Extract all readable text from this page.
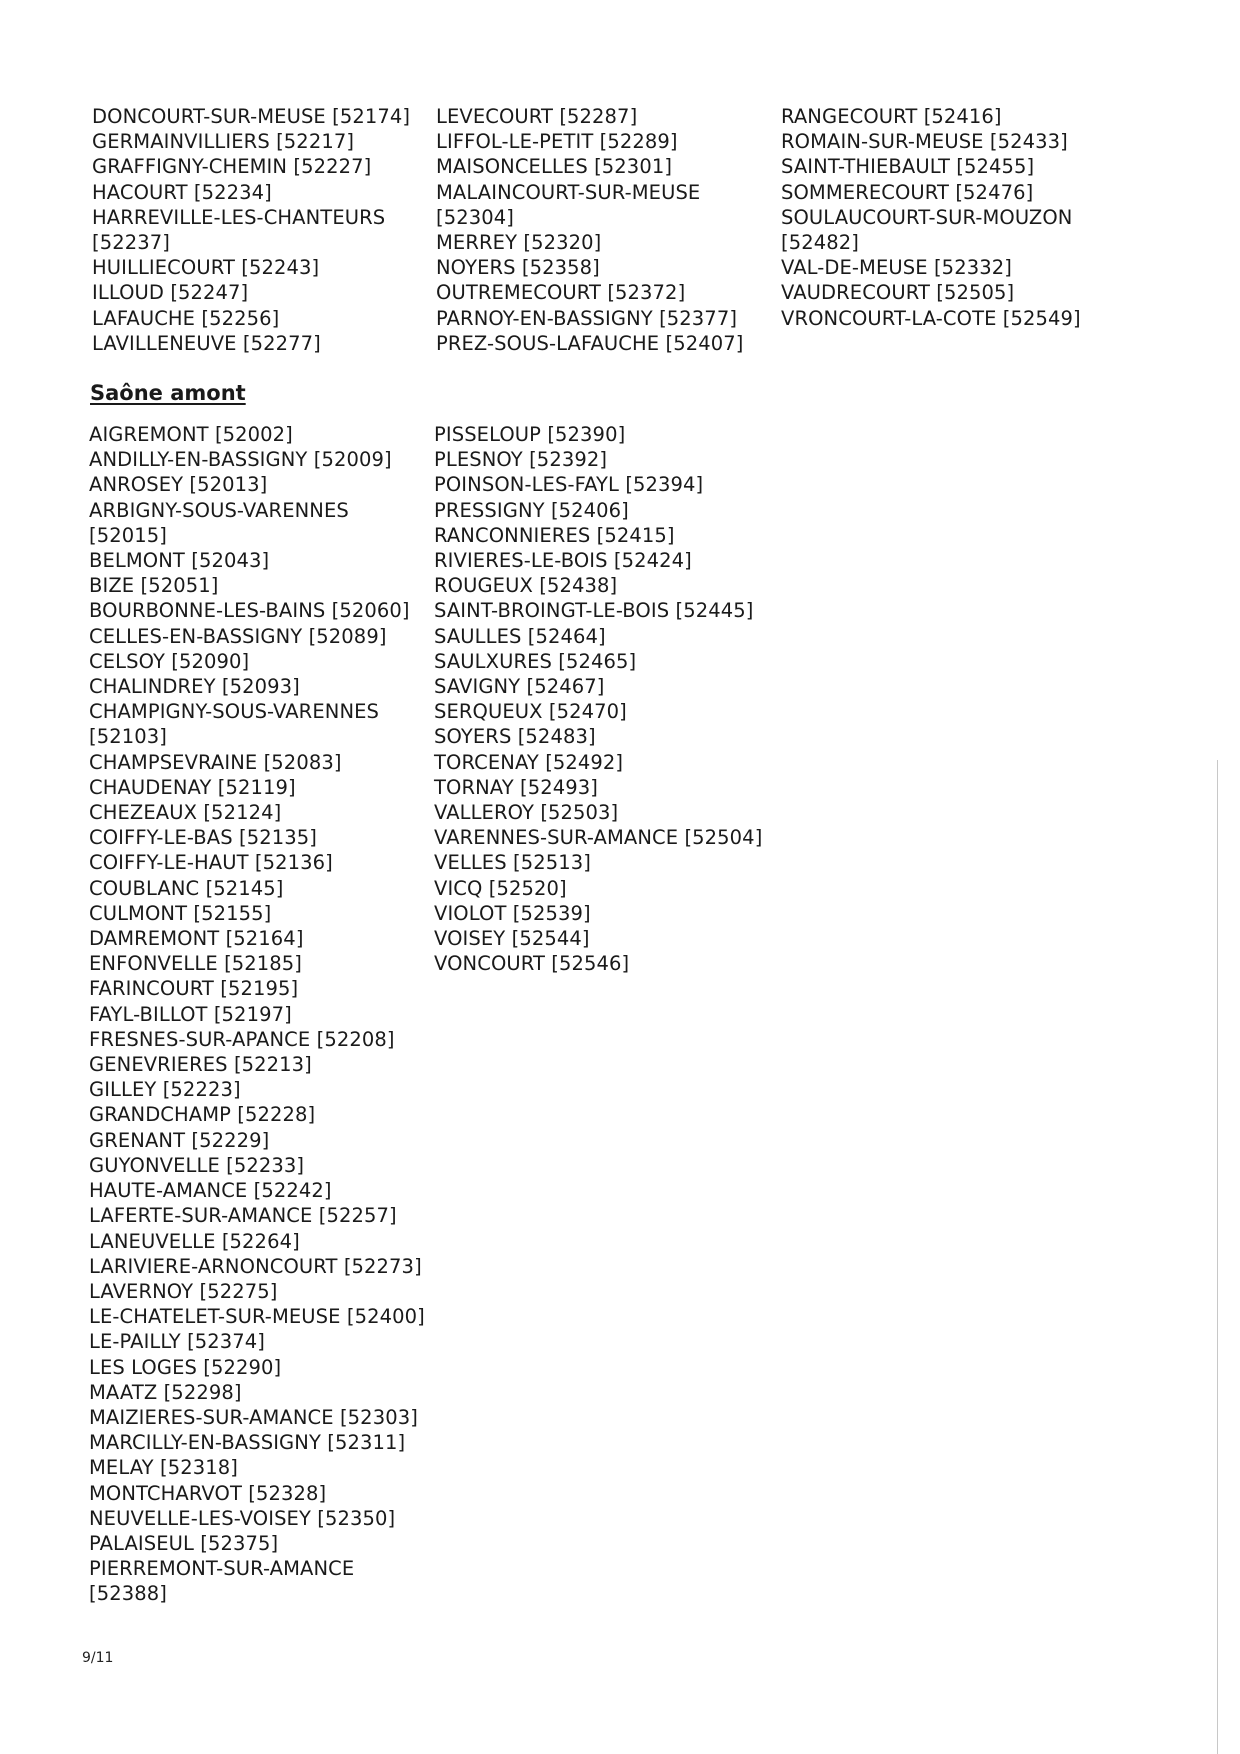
DONCOURT-SUR-MEUSE [52174]
GERMAINVILLIERS [52217]
GRAFFIGNY-CHEMIN [52227]
HACOURT [52234]
HARREVILLE-LES-CHANTEURS [52237]
HUILLIECOURT [52243]
ILLOUD [52247]
LAFAUCHE [52256]
LAVILLENEUVE [52277]
LEVECOURT [52287]
LIFFOL-LE-PETIT [52289]
MAISONCELLES [52301]
MALAINCOURT-SUR-MEUSE [52304]
MERREY [52320]
NOYERS [52358]
OUTREMECOURT [52372]
PARNOY-EN-BASSIGNY [52377]
PREZ-SOUS-LAFAUCHE [52407]
RANGECOURT [52416]
ROMAIN-SUR-MEUSE [52433]
SAINT-THIEBAULT [52455]
SOMMERECOURT [52476]
SOULAUCOURT-SUR-MOUZON [52482]
VAL-DE-MEUSE [52332]
VAUDRECOURT [52505]
VRONCOURT-LA-COTE [52549]
Saône amont
AIGREMONT [52002]
ANDILLY-EN-BASSIGNY [52009]
ANROSEY [52013]
ARBIGNY-SOUS-VARENNES [52015]
BELMONT [52043]
BIZE [52051]
BOURBONNE-LES-BAINS [52060]
CELLES-EN-BASSIGNY [52089]
CELSOY [52090]
CHALINDREY [52093]
CHAMPIGNY-SOUS-VARENNES [52103]
CHAMPSEVRAINE [52083]
CHAUDENAY [52119]
CHEZEAUX [52124]
COIFFY-LE-BAS [52135]
COIFFY-LE-HAUT [52136]
COUBLANC [52145]
CULMONT [52155]
DAMREMONT [52164]
ENFONVELLE [52185]
FARINCOURT [52195]
FAYL-BILLOT [52197]
FRESNES-SUR-APANCE [52208]
GENEVRIERES [52213]
GILLEY [52223]
GRANDCHAMP [52228]
GRENANT [52229]
GUYONVELLE [52233]
HAUTE-AMANCE [52242]
LAFERTE-SUR-AMANCE [52257]
LANEUVELLE [52264]
LARIVIERE-ARNONCOURT [52273]
LAVERNOY [52275]
LE-CHATELET-SUR-MEUSE [52400]
LE-PAILLY [52374]
LES LOGES [52290]
MAATZ [52298]
MAIZIERES-SUR-AMANCE [52303]
MARCILLY-EN-BASSIGNY [52311]
MELAY [52318]
MONTCHARVOT [52328]
NEUVELLE-LES-VOISEY [52350]
PALAISEUL [52375]
PIERREMONT-SUR-AMANCE [52388]
PISSELOUP [52390]
PLESNOY [52392]
POINSON-LES-FAYL [52394]
PRESSIGNY [52406]
RANCONNIERES [52415]
RIVIERES-LE-BOIS [52424]
ROUGEUX [52438]
SAINT-BROINGT-LE-BOIS [52445]
SAULLES [52464]
SAULXURES [52465]
SAVIGNY [52467]
SERQUEUX [52470]
SOYERS [52483]
TORCENAY [52492]
TORNAY [52493]
VALLEROY [52503]
VARENNES-SUR-AMANCE [52504]
VELLES [52513]
VICQ [52520]
VIOLOT [52539]
VOISEY [52544]
VONCOURT [52546]
9/11
